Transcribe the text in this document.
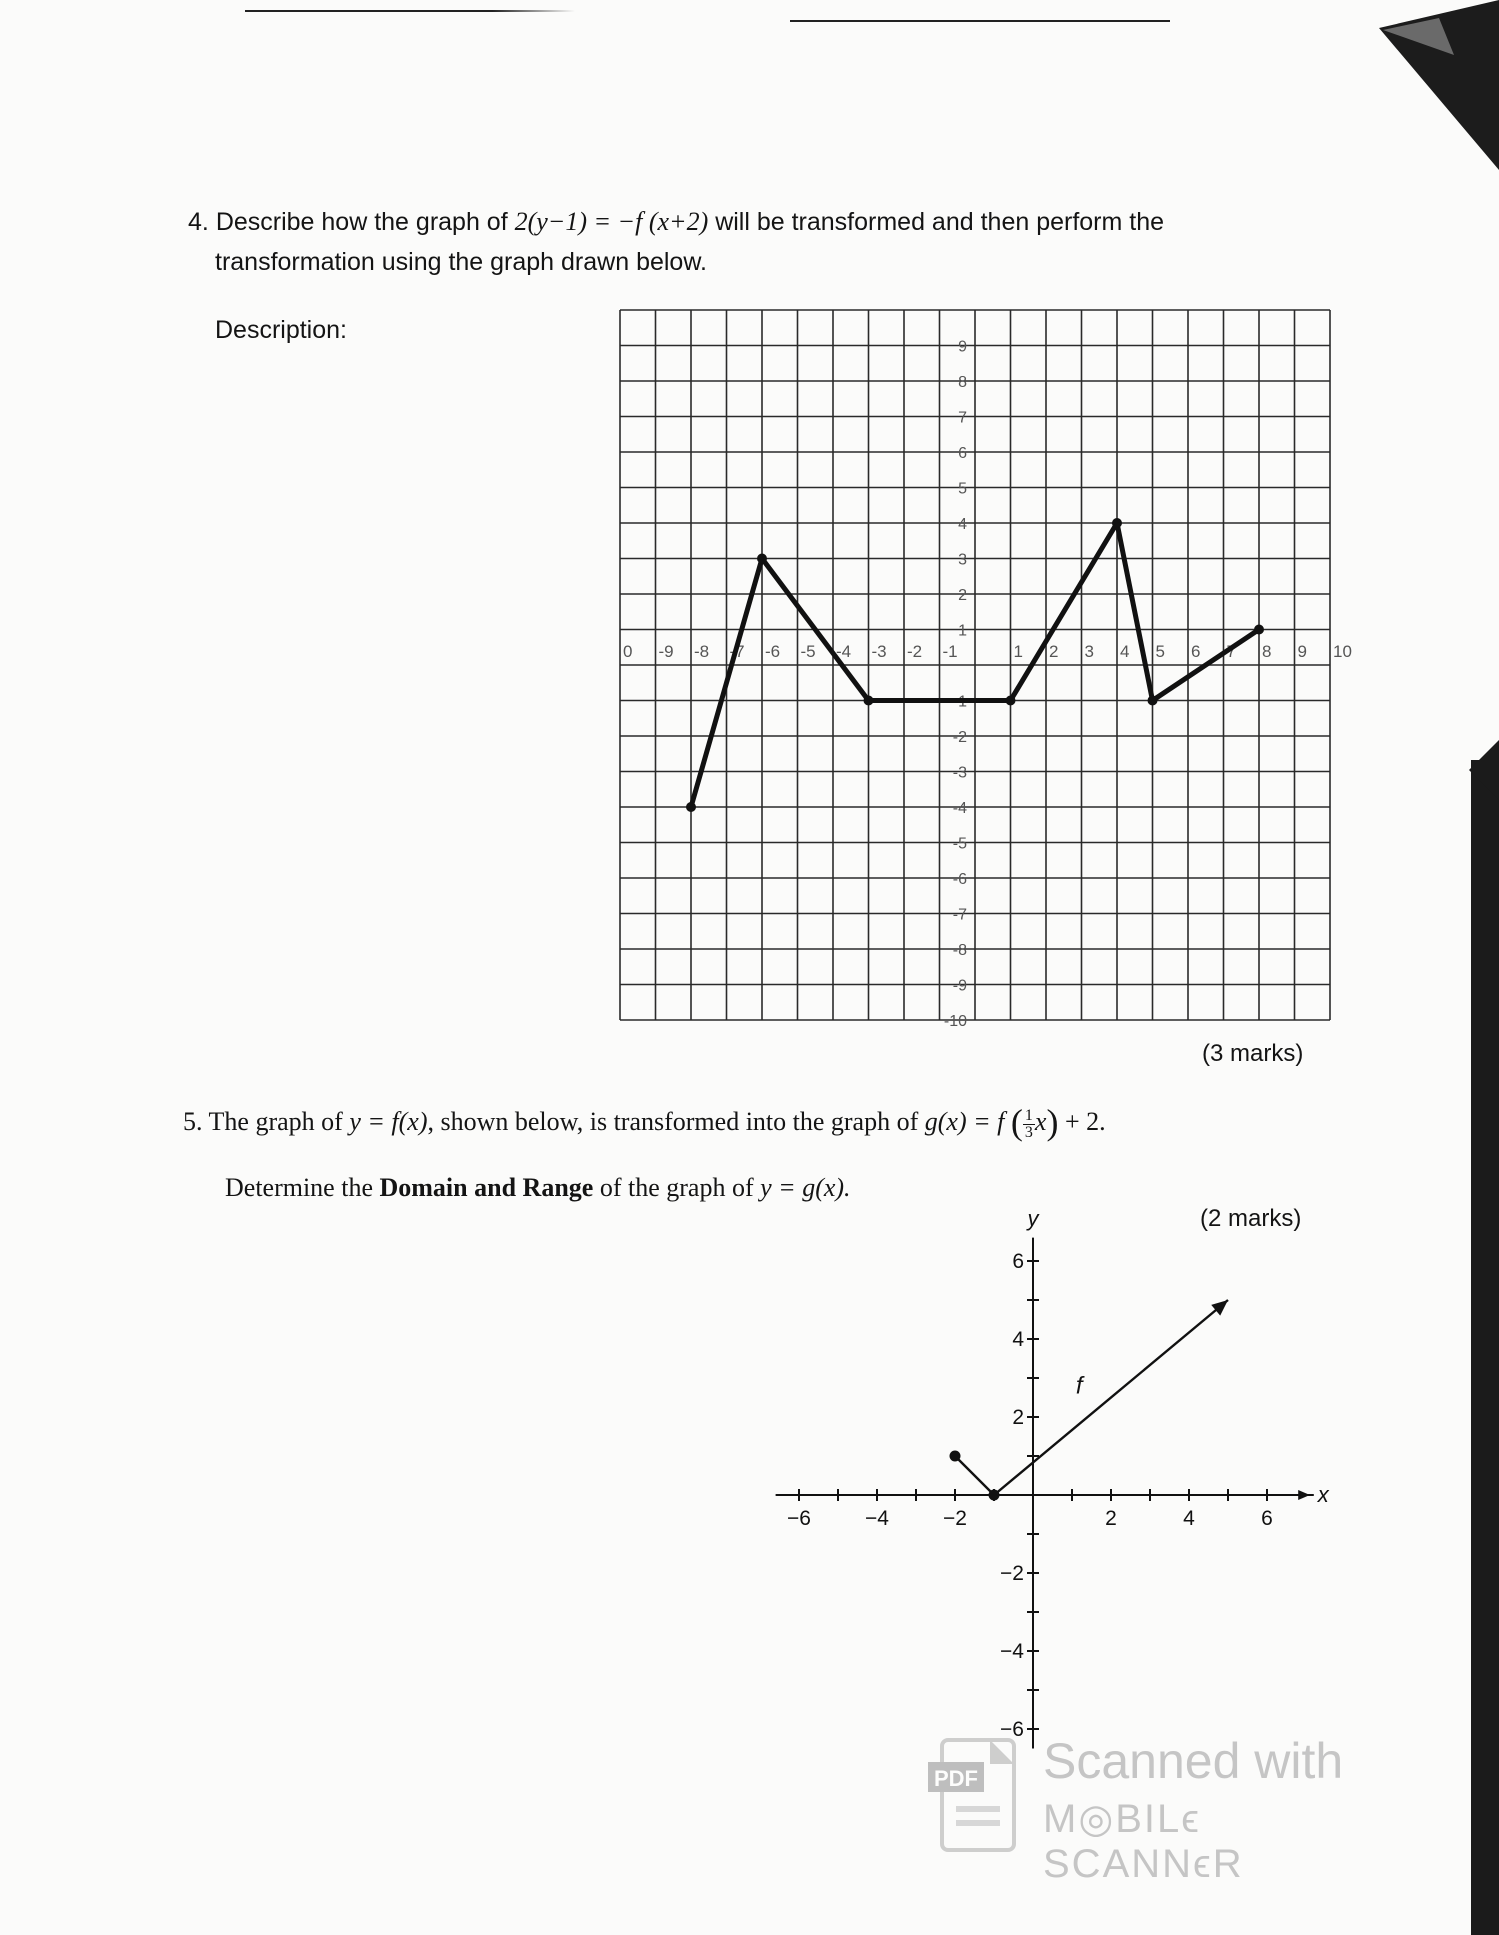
4. Describe how the graph of 2(y−1) = −f (x+2) will be transformed and then perform the
transformation using the graph drawn below.
Description:
0 -9 -8 -7 -6 -5 -4 -3 -2 -1	1 2 3 4 5 6 7 8 9 10
9
8
7
6
5
4
3
2
1
-1
-2
-3
-4
-5
-6
-7
-8
-9
-10
(3 marks)
5. The graph of y = f(x), shown below, is transformed into the graph of g(x) = f ( $\frac{1}{3} x) + 2$.
Determine the Domain and Range of the graph of y = g(x).
(2 marks)
−6	−4	−2	2	4	6
6
4
2
−2
−4
−6
x
y
f
PDF Scanned with
M◎BILϵ SCANNϵR
